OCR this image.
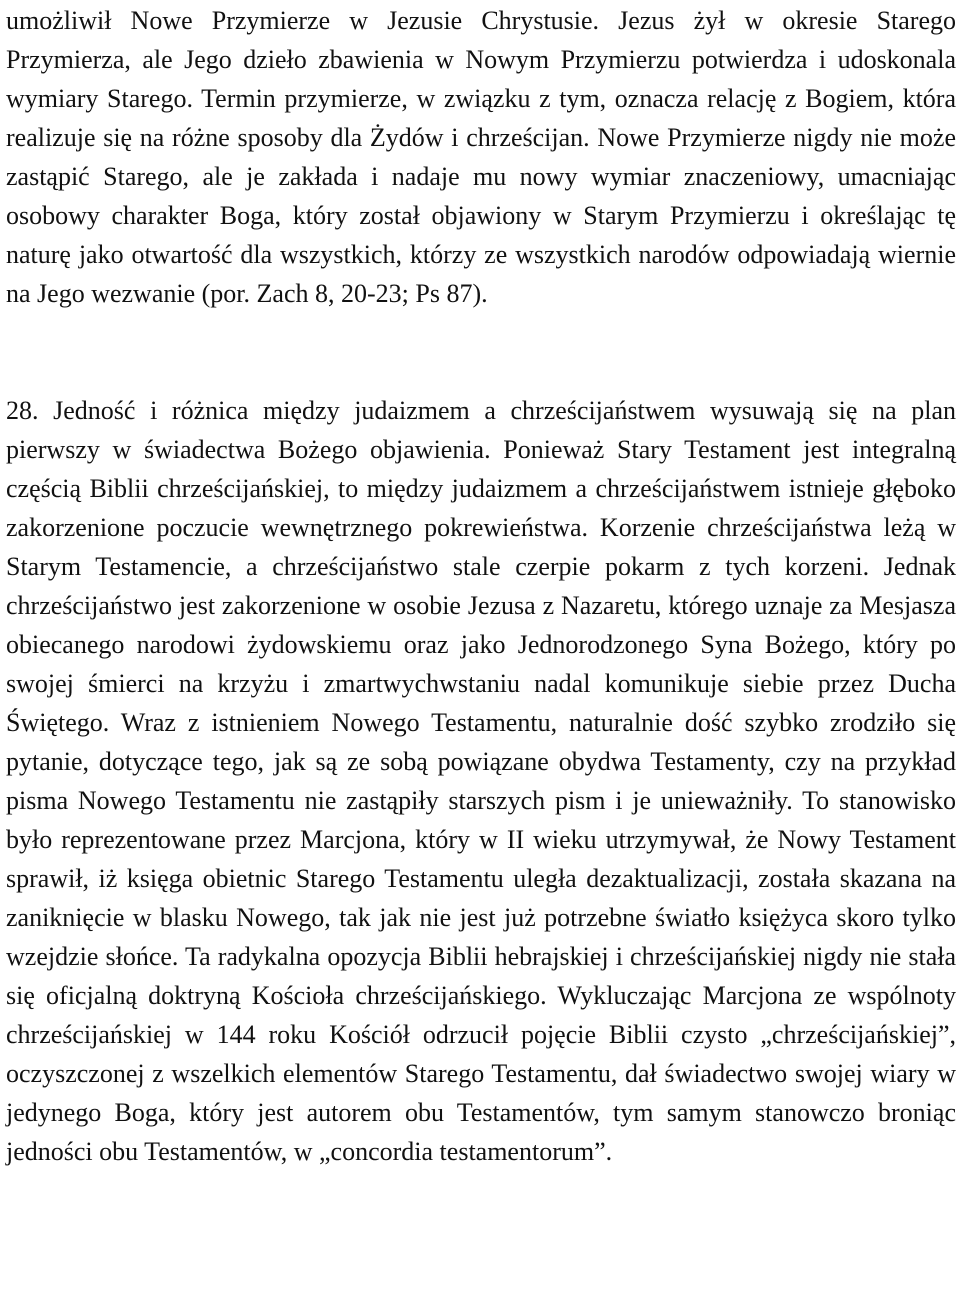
umożliwił Nowe Przymierze w Jezusie Chrystusie. Jezus żył w okresie Starego Przymierza, ale Jego dzieło zbawienia w Nowym Przymierzu potwierdza i udoskonala wymiary Starego. Termin przymierze, w związku z tym, oznacza relację z Bogiem, która realizuje się na różne sposoby dla Żydów i chrześcijan. Nowe Przymierze nigdy nie może zastąpić Starego, ale je zakłada i nadaje mu nowy wymiar znaczeniowy, umacniając osobowy charakter Boga, który został objawiony w Starym Przymierzu i określając tę naturę jako otwartość dla wszystkich, którzy ze wszystkich narodów odpowiadają wiernie na Jego wezwanie (por. Zach 8, 20-23; Ps 87).

28. Jedność i różnica między judaizmem a chrześcijaństwem wysuwają się na plan pierwszy w świadectwa Bożego objawienia. Ponieważ Stary Testament jest integralną częścią Biblii chrześcijańskiej, to między judaizmem a chrześcijaństwem istnieje głęboko zakorzenione poczucie wewnętrznego pokrewieństwa. Korzenie chrześcijaństwa leżą w Starym Testamencie, a chrześcijaństwo stale czerpie pokarm z tych korzeni. Jednak chrześcijaństwo jest zakorzenione w osobie Jezusa z Nazaretu, którego uznaje za Mesjasza obiecanego narodowi żydowskiemu oraz jako Jednorodzonego Syna Bożego, który po swojej śmierci na krzyżu i zmartwychwstaniu nadal komunikuje siebie przez Ducha Świętego. Wraz z istnieniem Nowego Testamentu, naturalnie dość szybko zrodziło się pytanie, dotyczące tego, jak są ze sobą powiązane obydwa Testamenty, czy na przykład pisma Nowego Testamentu nie zastąpiły starszych pism i je unieważniły. To stanowisko było reprezentowane przez Marcjona, który w II wieku utrzymywał, że Nowy Testament sprawił, iż księga obietnic Starego Testamentu uległa dezaktualizacji, została skazana na zaniknięcie w blasku Nowego, tak jak nie jest już potrzebne światło księżyca skoro tylko wzejdzie słońce. Ta radykalna opozycja Biblii hebrajskiej i chrześcijańskiej nigdy nie stała się oficjalną doktryną Kościoła chrześcijańskiego. Wykluczając Marcjona ze wspólnoty chrześcijańskiej w 144 roku Kościół odrzucił pojęcie Biblii czysto „chrześcijańskiej”, oczyszczonej z wszelkich elementów Starego Testamentu, dał świadectwo swojej wiary w jedynego Boga, który jest autorem obu Testamentów, tym samym stanowczo broniąc jedności obu Testamentów, w „concordia testamentorum”.
